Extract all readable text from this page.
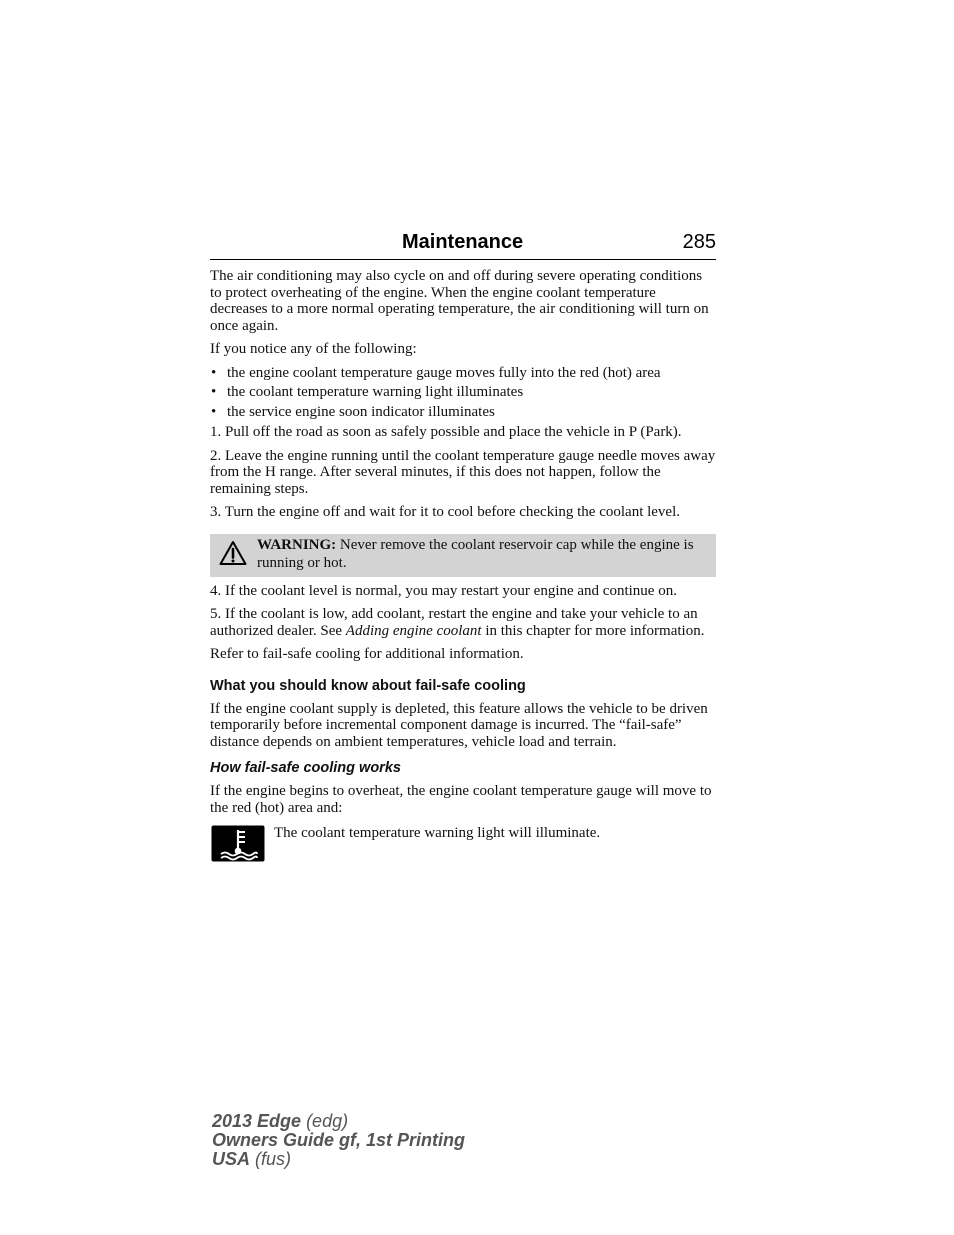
Maintenance	285

The air conditioning may also cycle on and off during severe operating conditions to protect overheating of the engine. When the engine coolant temperature decreases to a more normal operating temperature, the air conditioning will turn on once again.

If you notice any of the following:

• the engine coolant temperature gauge moves fully into the red (hot) area
• the coolant temperature warning light illuminates
• the service engine soon indicator illuminates

1. Pull off the road as soon as safely possible and place the vehicle in P (Park).

2. Leave the engine running until the coolant temperature gauge needle moves away from the H range. After several minutes, if this does not happen, follow the remaining steps.

3. Turn the engine off and wait for it to cool before checking the coolant level.

WARNING: Never remove the coolant reservoir cap while the engine is running or hot.

4. If the coolant level is normal, you may restart your engine and continue on.

5. If the coolant is low, add coolant, restart the engine and take your vehicle to an authorized dealer. See Adding engine coolant in this chapter for more information.

Refer to fail-safe cooling for additional information.

What you should know about fail-safe cooling

If the engine coolant supply is depleted, this feature allows the vehicle to be driven temporarily before incremental component damage is incurred. The “fail-safe” distance depends on ambient temperatures, vehicle load and terrain.

How fail-safe cooling works

If the engine begins to overheat, the engine coolant temperature gauge will move to the red (hot) area and:

The coolant temperature warning light will illuminate.
2013 Edge (edg)
Owners Guide gf, 1st Printing
USA (fus)
